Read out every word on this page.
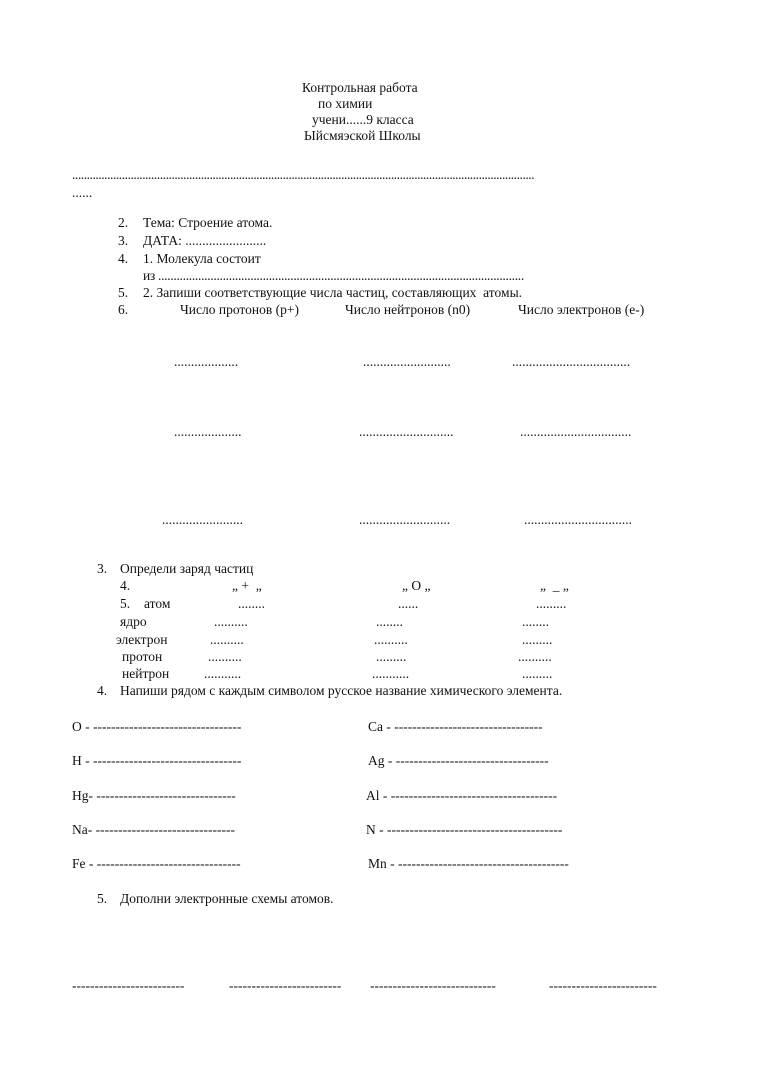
Контрольная работа
по химии
учени......9 класса
Ыйсмяэской Школы
..............................................................................................................................................................
......
2. Тема: Строение атома.
3. ДАТА: ........................
4. 1. Молекула состоит
из .......................................................................................................................
5. 2. Запиши соответствующие числа частиц, составляющих  атомы.
6.	Число протонов (p+)	Число нейтронов (n0)	Число электронов (e-)
...................	..........................	...................................
....................	............................	.................................
........................	...........................	................................
3. Определи заряд частиц
4.	„ +  „	„ O „	„  _ „
5. атом	........	......	.........
ядро	..........	........	........
электрон	..........	..........	.........
протон	..........	.........	..........
нейтрон	...........	...........	.........
4. Напиши рядом с каждым символом русское название химического элемента.
O - ---------------------------------	Ca - ---------------------------------
H - ---------------------------------	Ag - ----------------------------------
Hg- -------------------------------	Al - -------------------------------------
Na- -------------------------------	N - ---------------------------------------
Fe - --------------------------------	Mn - --------------------------------------
5. Дополни электронные схемы атомов.
-------------------------	------------------------- ----------------------------	------------------------
